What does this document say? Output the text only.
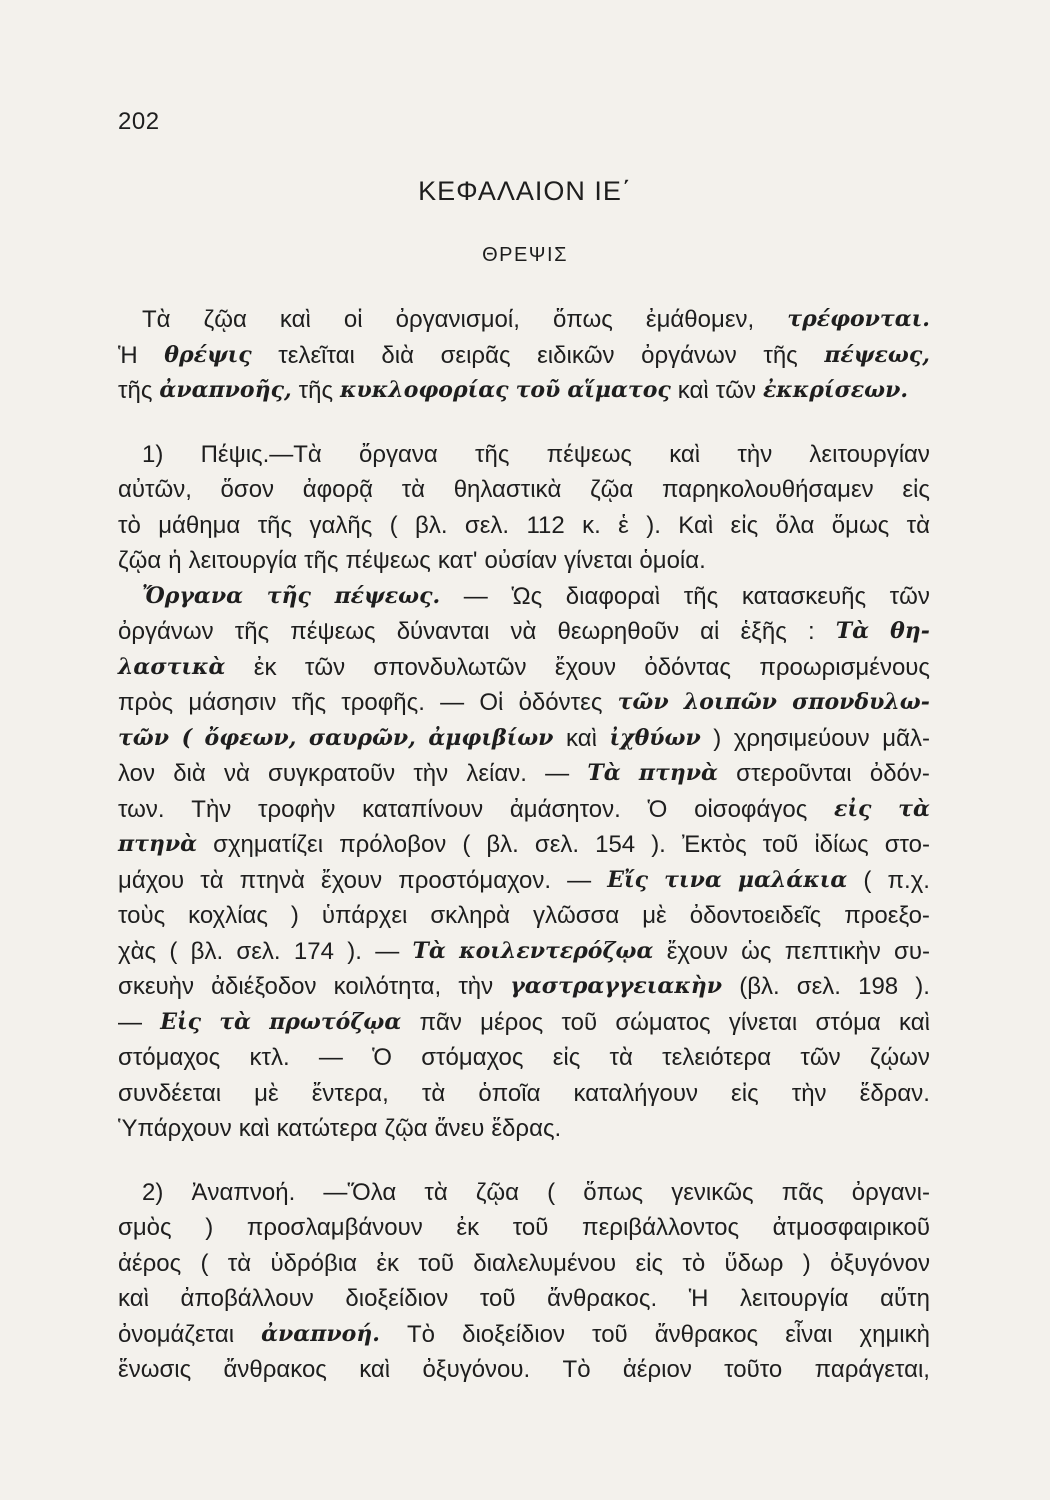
202
ΚΕΦΑΛΑΙΟΝ ΙΕ΄
ΘΡΕΨΙΣ
Τὰ ζῷα καὶ οἱ ὀργανισμοί, ὅπως ἐμάθομεν, τρέφονται.
Ἡ θρέψις τελεῖται διὰ σειρᾶς ειδικῶν ὀργάνων τῆς πέψεως,
τῆς ἀναπνοῆς, τῆς κυκλοφορίας τοῦ αἵματος καὶ τῶν ἐκκρίσεων.
1) Πέψις.—Τὰ ὄργανα τῆς πέψεως καὶ τὴν λειτουργίαν
αὐτῶν, ὅσον ἀφορᾷ τὰ θηλαστικὰ ζῷα παρηκολουθήσαμεν εἰς
τὸ μάθημα τῆς γαλῆς ( βλ. σελ. 112 κ. ἑ ). Καὶ εἰς ὅλα ὅμως τὰ
ζῷα ἡ λειτουργία τῆς πέψεως κατ' οὐσίαν γίνεται ὁμοία.
Ὄργανα τῆς πέψεως. — Ὡς διαφοραὶ τῆς κατασκευῆς τῶν
ὀργάνων τῆς πέψεως δύνανται νὰ θεωρηθοῦν αἱ ἑξῆς : Τὰ θη-
λαστικὰ ἐκ τῶν σπονδυλωτῶν ἔχουν ὀδόντας προωρισμένους
πρὸς μάσησιν τῆς τροφῆς. — Οἱ ὀδόντες τῶν λοιπῶν σπονδυλω-
τῶν ( ὄφεων, σαυρῶν, ἀμφιβίων καὶ ἰχθύων ) χρησιμεύουν μᾶλ-
λον διὰ νὰ συγκρατοῦν τὴν λείαν. — Τὰ πτηνὰ στεροῦνται ὀδόν-
των. Τὴν τροφὴν καταπίνουν ἀμάσητον. Ὁ οἰσοφάγος εἰς τὰ
πτηνὰ σχηματίζει πρόλοβον ( βλ. σελ. 154 ). Ἐκτὸς τοῦ ἰδίως στο-
μάχου τὰ πτηνὰ ἔχουν προστόμαχον. — Εἴς τινα μαλάκια ( π.χ.
τοὺς κοχλίας ) ὑπάρχει σκληρὰ γλῶσσα μὲ ὀδοντοειδεῖς προεξο-
χὰς ( βλ. σελ. 174 ). — Τὰ κοιλεντερόζῳα ἔχουν ὡς πεπτικὴν συ-
σκευὴν ἀδιέξοδον κοιλότητα, τὴν γαστραγγειακὴν (βλ. σελ. 198 ).
— Εἰς τὰ πρωτόζῳα πᾶν μέρος τοῦ σώματος γίνεται στόμα καὶ
στόμαχος κτλ. — Ὁ στόμαχος εἰς τὰ τελειότερα τῶν ζῴων
συνδέεται μὲ ἔντερα, τὰ ὁποῖα καταλήγουν εἰς τὴν ἕδραν.
Ὑπάρχουν καὶ κατώτερα ζῷα ἄνευ ἕδρας.
2) Ἀναπνοή. —Ὅλα τὰ ζῷα ( ὅπως γενικῶς πᾶς ὀργανι-
σμὸς ) προσλαμβάνουν ἐκ τοῦ περιβάλλοντος ἀτμοσφαιρικοῦ
ἀέρος ( τὰ ὑδρόβια ἐκ τοῦ διαλελυμένου εἰς τὸ ὕδωρ ) ὀξυγόνον
καὶ ἀποβάλλουν διοξείδιον τοῦ ἄνθρακος. Ἡ λειτουργία αὕτη
ὀνομάζεται ἀναπνοή. Τὸ διοξείδιον τοῦ ἄνθρακος εἶναι χημικὴ
ἕνωσις ἄνθρακος καὶ ὀξυγόνου. Τὸ ἀέριον τοῦτο παράγεται,
